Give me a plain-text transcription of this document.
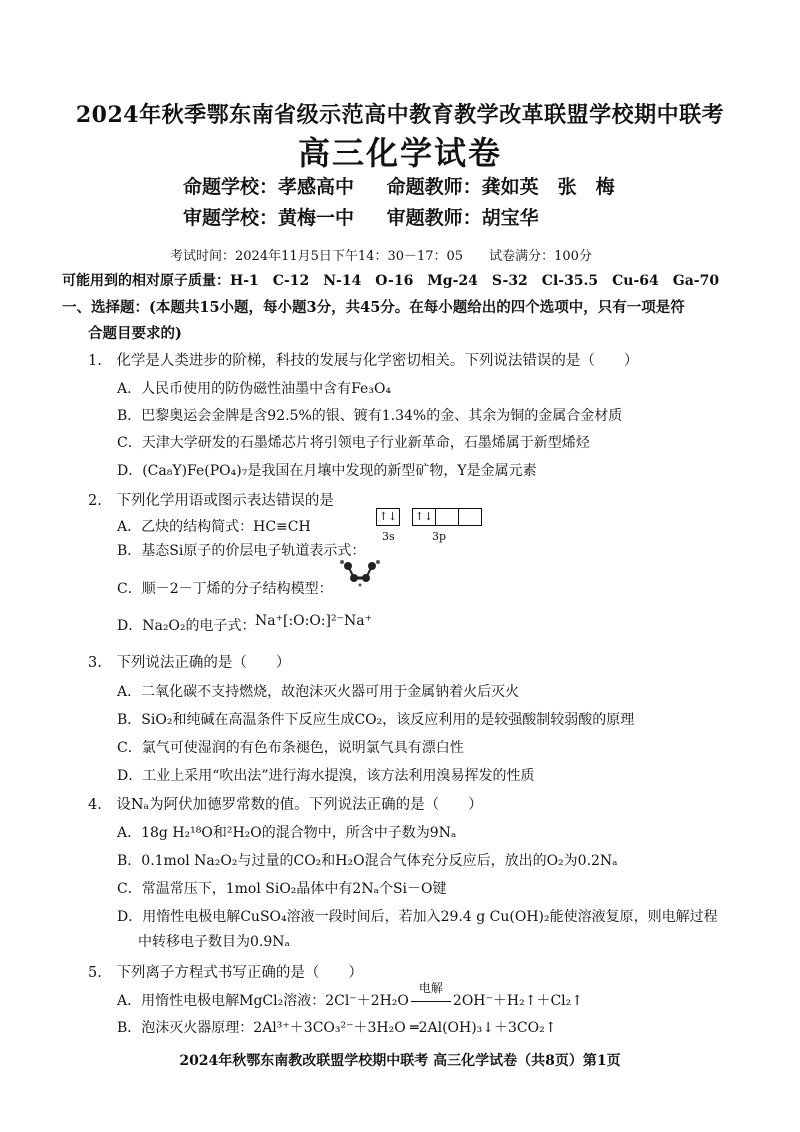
2024年秋季鄂东南省级示范高中教育教学改革联盟学校期中联考
高三化学试卷
命题学校：孝感高中 命题教师：龚如英　张　梅
审题学校：黄梅一中 审题教师：胡宝华
考试时间：2024年11月5日下午14：30－17：05　　试卷满分：100分
可能用到的相对原子质量：H-1　C-12　N-14　O-16　Mg-24　S-32　Cl-35.5　Cu-64　Ga-70
一、选择题：(本题共15小题，每小题3分，共45分。在每小题给出的四个选项中，只有一项是符
合题目要求的)
1.　化学是人类进步的阶梯，科技的发展与化学密切相关。下列说法错误的是（　　）
A．人民币使用的防伪磁性油墨中含有Fe₃O₄
B．巴黎奥运会金牌是含92.5%的银、镀有1.34%的金、其余为铜的金属合金材质
C．天津大学研发的石墨烯芯片将引领电子行业新革命，石墨烯属于新型烯烃
D．(Ca₈Y)Fe(PO₄)₇是我国在月壤中发现的新型矿物，Y是金属元素
2.　下列化学用语或图示表达错误的是
A．乙炔的结构简式：HC≡CH
B．基态Si原子的价层电子轨道表示式：
↑↓ ↑↓
3s	3p
C．顺－2－丁烯的分子结构模型：
D．Na₂O₂的电子式： Na⁺[:O:O:]²⁻Na⁺
3.　下列说法正确的是（　　）
A．二氧化碳不支持燃烧，故泡沫灭火器可用于金属钠着火后灭火
B．SiO₂和纯碱在高温条件下反应生成CO₂，该反应利用的是较强酸制较弱酸的原理
C．氯气可使湿润的有色布条褪色，说明氯气具有漂白性
D．工业上采用“吹出法”进行海水提溴，该方法利用溴易挥发的性质
4.　设Nₐ为阿伏加德罗常数的值。下列说法正确的是（　　）
A．18g H₂¹⁸O和²H₂O的混合物中，所含中子数为9Nₐ
B．0.1mol Na₂O₂与过量的CO₂和H₂O混合气体充分反应后，放出的O₂为0.2Nₐ
C．常温常压下，1mol SiO₂晶体中有2Nₐ个Si－O键
D．用惰性电极电解CuSO₄溶液一段时间后，若加入29.4 g Cu(OH)₂能使溶液复原，则电解过程
中转移电子数目为0.9Nₐ
5.　下列离子方程式书写正确的是（　　）
A．用惰性电极电解MgCl₂溶液：2Cl⁻＋2H₂O
电解
2OH⁻＋H₂↑＋Cl₂↑
B．泡沫灭火器原理：2Al³⁺＋3CO₃²⁻＋3H₂O ═2Al(OH)₃↓＋3CO₂↑
2024年秋鄂东南教改联盟学校期中联考 高三化学试卷（共8页）第1页
